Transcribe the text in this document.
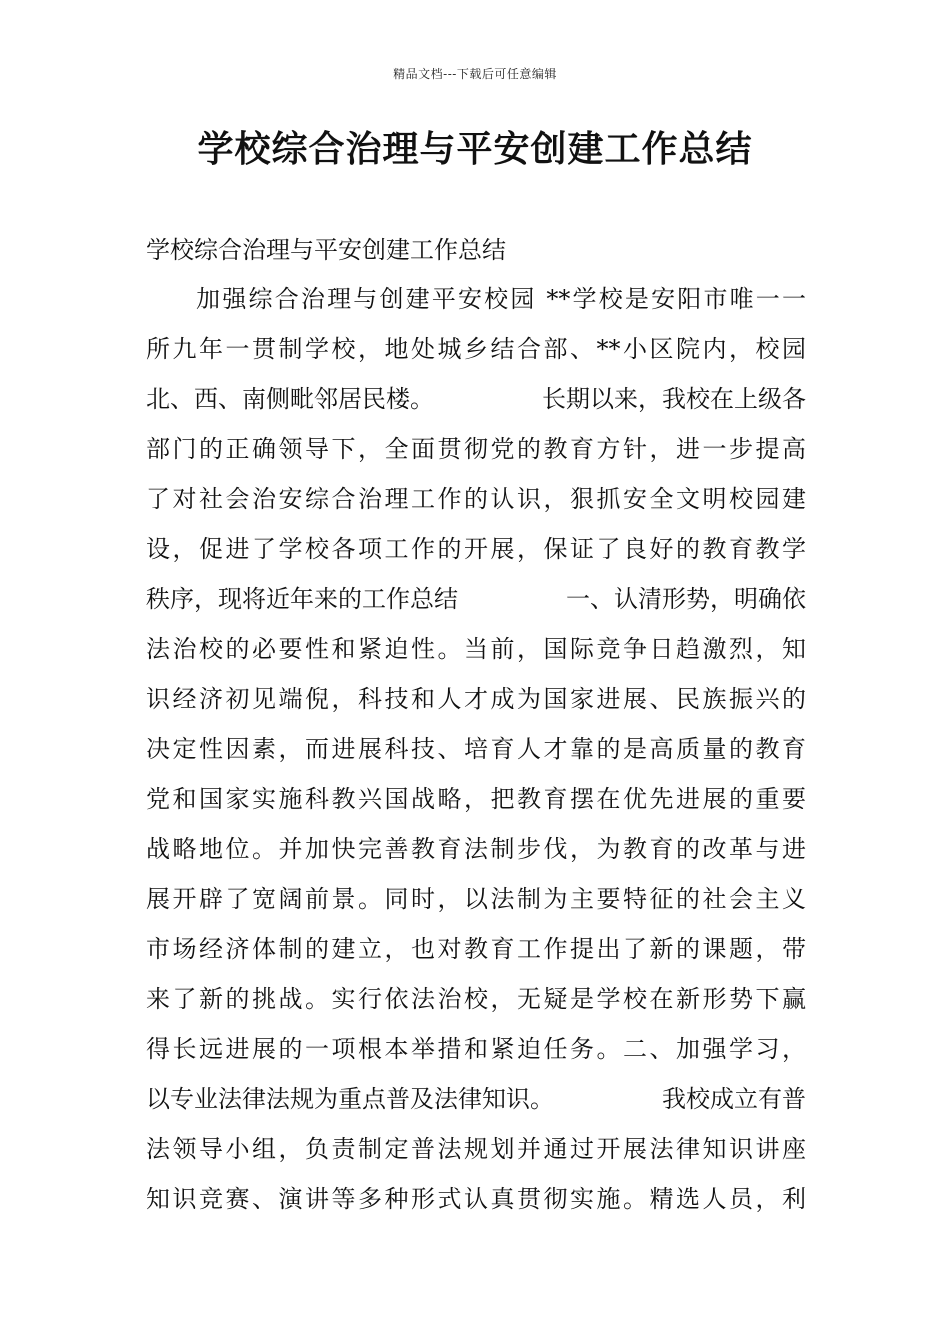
精品文档---下载后可任意编辑
学校综合治理与平安创建工作总结
学校综合治理与平安创建工作总结
加强综合治理与创建平安校园 **学校是安阳市唯一一
所九年一贯制学校，地处城乡结合部、**小区院内，校园
北、西、南侧毗邻居民楼。	长期以来，我校在上级各
部门的正确领导下，全面贯彻党的教育方针，进一步提高
了对社会治安综合治理工作的认识，狠抓安全文明校园建
设，促进了学校各项工作的开展，保证了良好的教育教学
秩序，现将近年来的工作总结	一、认清形势，明确依
法治校的必要性和紧迫性。当前，国际竞争日趋激烈，知
识经济初见端倪，科技和人才成为国家进展、民族振兴的
决定性因素，而进展科技、培育人才靠的是高质量的教育
党和国家实施科教兴国战略，把教育摆在优先进展的重要
战略地位。并加快完善教育法制步伐，为教育的改革与进
展开辟了宽阔前景。同时，以法制为主要特征的社会主义
市场经济体制的建立，也对教育工作提出了新的课题，带
来了新的挑战。实行依法治校，无疑是学校在新形势下赢
得长远进展的一项根本举措和紧迫任务。二、加强学习，
以专业法律法规为重点普及法律知识。	我校成立有普
法领导小组，负责制定普法规划并通过开展法律知识讲座
知识竞赛、演讲等多种形式认真贯彻实施。精选人员，利
